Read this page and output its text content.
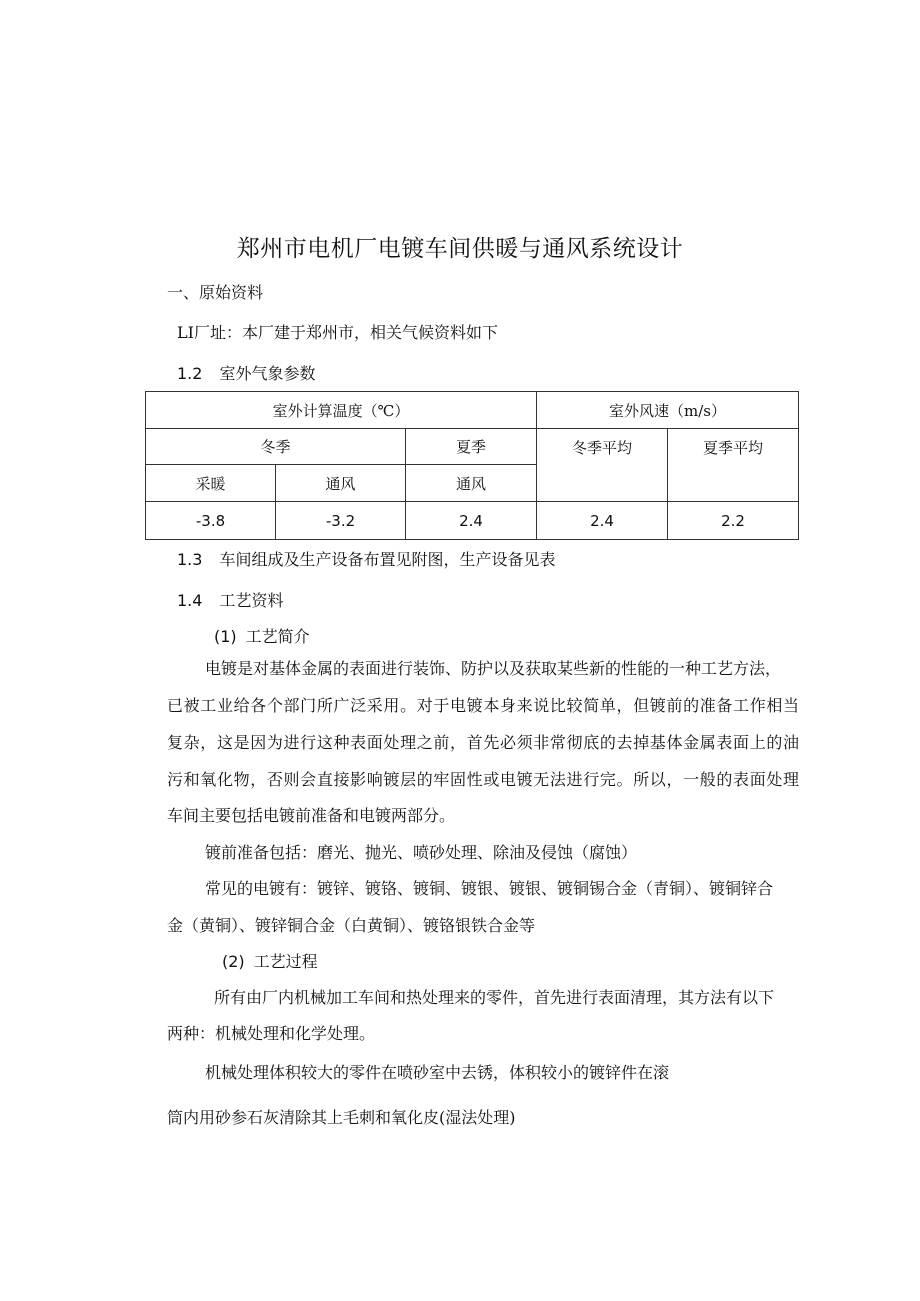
郑州市电机厂电镀车间供暖与通风系统设计
一、原始资料
LI厂址：本厂建于郑州市，相关气候资料如下
1.2 室外气象参数
室外计算温度（℃）			室外风速（m/s）	
冬季		夏季	冬季平均	夏季平均
采暖	通风	通风		
-3.8	-3.2	2.4	2.4	2.2
1.3 车间组成及生产设备布置见附图，生产设备见表
1.4 工艺资料
(1) 工艺简介
电镀是对基体金属的表面进行装饰、防护以及获取某些新的性能的一种工艺方法，
已被工业给各个部门所广泛采用。对于电镀本身来说比较简单，但镀前的准备工作相当
复杂，这是因为进行这种表面处理之前，首先必须非常彻底的去掉基体金属表面上的油
污和氧化物，否则会直接影响镀层的牢固性或电镀无法进行完。所以，一般的表面处理
车间主要包括电镀前准备和电镀两部分。
镀前准备包括：磨光、抛光、喷砂处理、除油及侵蚀（腐蚀）
常见的电镀有：镀锌、镀铬、镀铜、镀银、镀银、镀铜锡合金（青铜）、镀铜锌合
金（黄铜）、镀锌铜合金（白黄铜）、镀铬银铁合金等
(2) 工艺过程
所有由厂内机械加工车间和热处理来的零件，首先进行表面清理，其方法有以下
两种：机械处理和化学处理。
机械处理体积较大的零件在喷砂室中去锈，体积较小的镀锌件在滚
筒内用砂参石灰清除其上毛刺和氧化皮(湿法处理)
